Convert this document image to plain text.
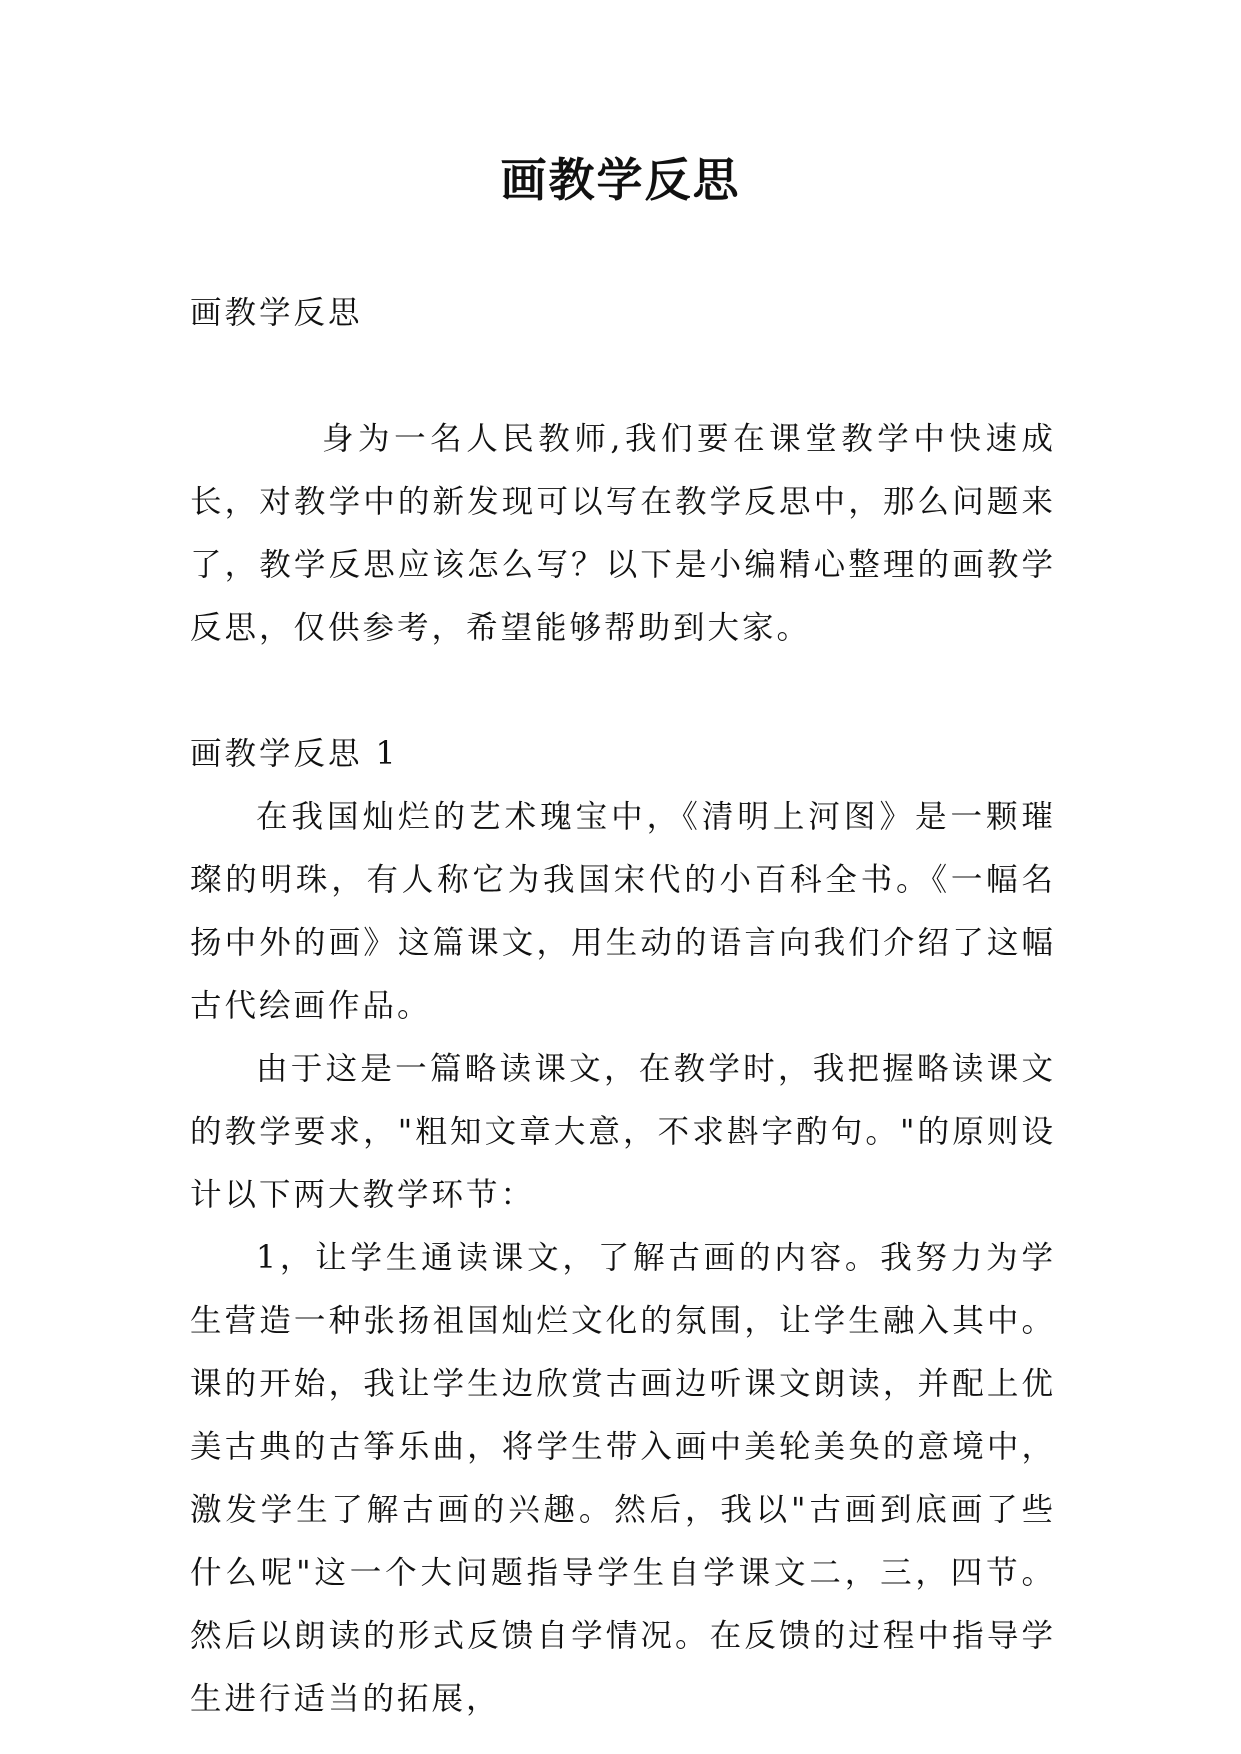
画教学反思

画教学反思

身为一名人民教师,我们要在课堂教学中快速成长，对教学中的新发现可以写在教学反思中，那么问题来了，教学反思应该怎么写？以下是小编精心整理的画教学反思，仅供参考，希望能够帮助到大家。

画教学反思 1

在我国灿烂的艺术瑰宝中，《清明上河图》是一颗璀璨的明珠，有人称它为我国宋代的小百科全书。《一幅名扬中外的画》这篇课文，用生动的语言向我们介绍了这幅古代绘画作品。

由于这是一篇略读课文，在教学时，我把握略读课文的教学要求，"粗知文章大意，不求斟字酌句。"的原则设计以下两大教学环节：

1，让学生通读课文，了解古画的内容。我努力为学生营造一种张扬祖国灿烂文化的氛围，让学生融入其中。课的开始，我让学生边欣赏古画边听课文朗读，并配上优美古典的古筝乐曲，将学生带入画中美轮美奂的意境中，激发学生了解古画的兴趣。然后，我以"古画到底画了些什么呢"这一个大问题指导学生自学课文二，三，四节。然后以朗读的形式反馈自学情况。在反馈的过程中指导学生进行适当的拓展，
